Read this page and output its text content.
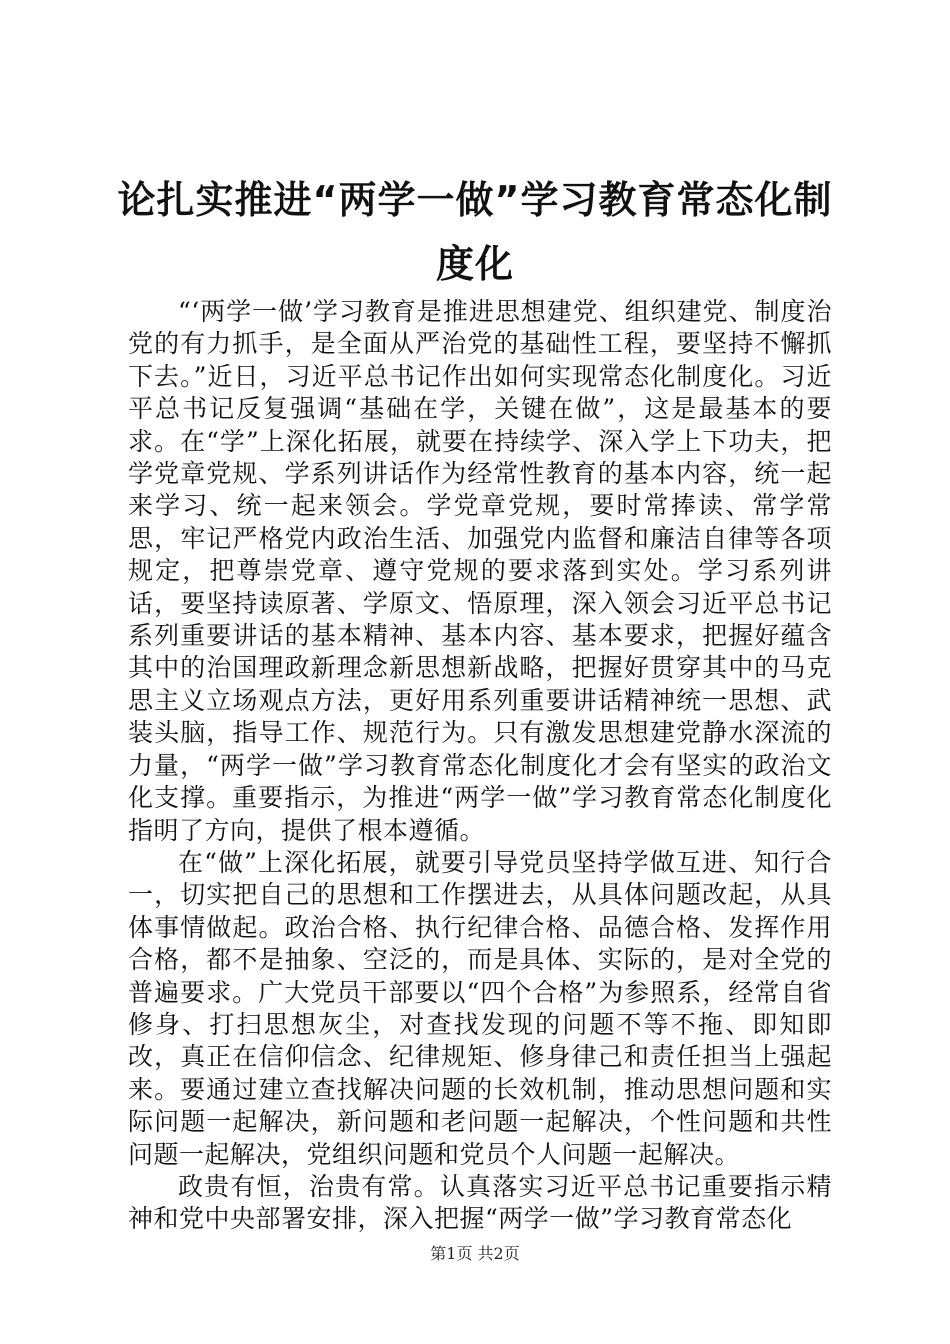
论扎实推进“两学一做”学习教育常态化制度化

“‘两学一做’学习教育是推进思想建党、组织建党、制度治党的有力抓手，是全面从严治党的基础性工程，要坚持不懈抓下去。”近日，习近平总书记作出如何实现常态化制度化。习近平总书记反复强调“基础在学，关键在做”，这是最基本的要求。在“学”上深化拓展，就要在持续学、深入学上下功夫，把学党章党规、学系列讲话作为经常性教育的基本内容，统一起来学习、统一起来领会。学党章党规，要时常捧读、常学常思，牢记严格党内政治生活、加强党内监督和廉洁自律等各项规定，把尊崇党章、遵守党规的要求落到实处。学习系列讲话，要坚持读原著、学原文、悟原理，深入领会习近平总书记系列重要讲话的基本精神、基本内容、基本要求，把握好蕴含其中的治国理政新理念新思想新战略，把握好贯穿其中的马克思主义立场观点方法，更好用系列重要讲话精神统一思想、武装头脑，指导工作、规范行为。只有激发思想建党静水深流的力量，“两学一做”学习教育常态化制度化才会有坚实的政治文化支撑。重要指示，为推进“两学一做”学习教育常态化制度化指明了方向，提供了根本遵循。

在“做”上深化拓展，就要引导党员坚持学做互进、知行合一，切实把自己的思想和工作摆进去，从具体问题改起，从具体事情做起。政治合格、执行纪律合格、品德合格、发挥作用合格，都不是抽象、空泛的，而是具体、实际的，是对全党的普遍要求。广大党员干部要以“四个合格”为参照系，经常自省修身、打扫思想灰尘，对查找发现的问题不等不拖、即知即改，真正在信仰信念、纪律规矩、修身律己和责任担当上强起来。要通过建立查找解决问题的长效机制，推动思想问题和实际问题一起解决，新问题和老问题一起解决，个性问题和共性问题一起解决，党组织问题和党员个人问题一起解决。

政贵有恒，治贵有常。认真落实习近平总书记重要指示精神和党中央部署安排，深入把握“两学一做”学习教育常态化

第1页 共2页
